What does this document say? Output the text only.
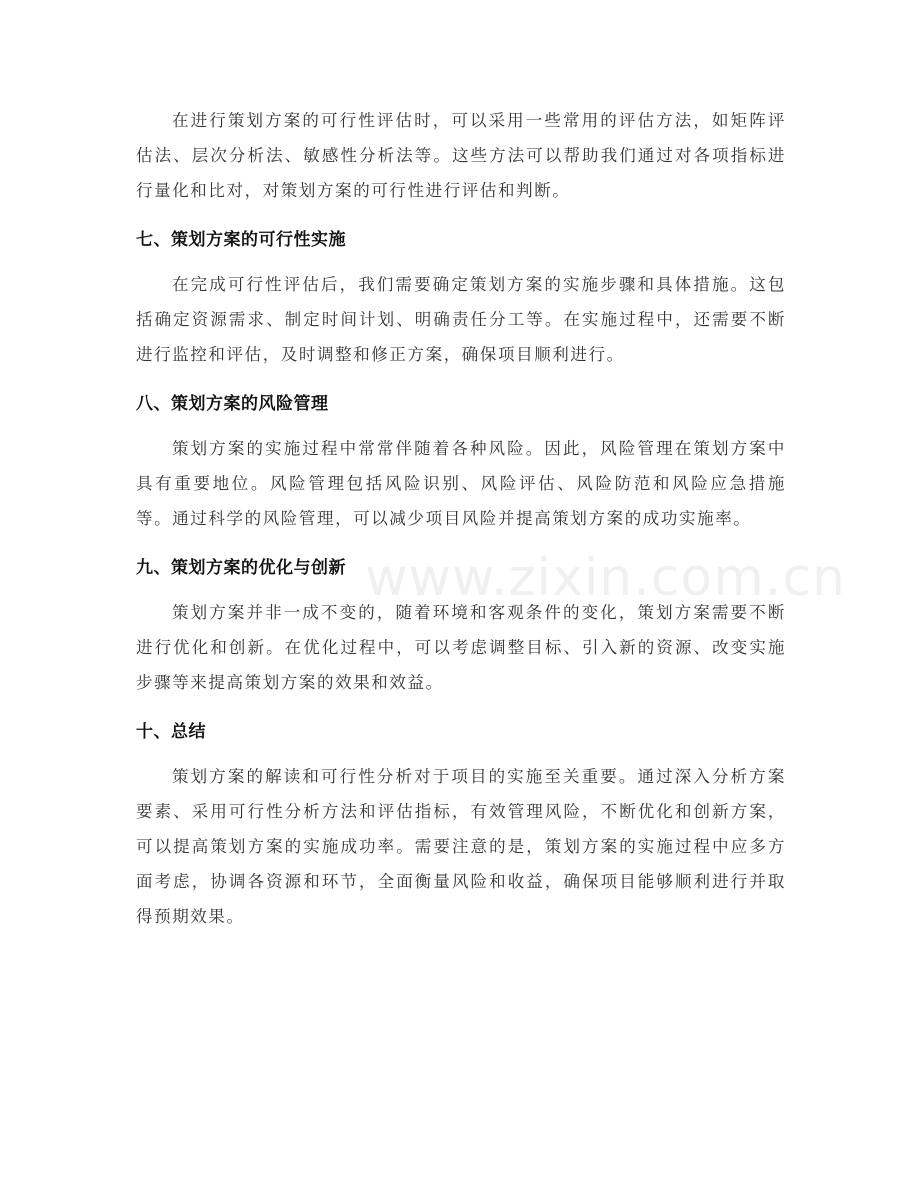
在进行策划方案的可行性评估时，可以采用一些常用的评估方法，如矩阵评估法、层次分析法、敏感性分析法等。这些方法可以帮助我们通过对各项指标进行量化和比对，对策划方案的可行性进行评估和判断。

七、策划方案的可行性实施

在完成可行性评估后，我们需要确定策划方案的实施步骤和具体措施。这包括确定资源需求、制定时间计划、明确责任分工等。在实施过程中，还需要不断进行监控和评估，及时调整和修正方案，确保项目顺利进行。

八、策划方案的风险管理

策划方案的实施过程中常常伴随着各种风险。因此，风险管理在策划方案中具有重要地位。风险管理包括风险识别、风险评估、风险防范和风险应急措施等。通过科学的风险管理，可以减少项目风险并提高策划方案的成功实施率。

九、策划方案的优化与创新

策划方案并非一成不变的，随着环境和客观条件的变化，策划方案需要不断进行优化和创新。在优化过程中，可以考虑调整目标、引入新的资源、改变实施步骤等来提高策划方案的效果和效益。

十、总结

策划方案的解读和可行性分析对于项目的实施至关重要。通过深入分析方案要素、采用可行性分析方法和评估指标，有效管理风险，不断优化和创新方案，可以提高策划方案的实施成功率。需要注意的是，策划方案的实施过程中应多方面考虑，协调各资源和环节，全面衡量风险和收益，确保项目能够顺利进行并取得预期效果。

www.zixin.com.cn
